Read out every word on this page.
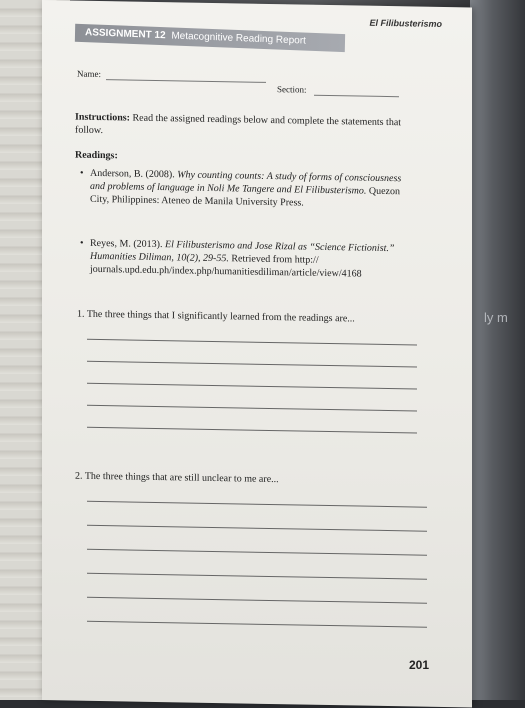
ly m
El Filibusterismo
ASSIGNMENT 12 Metacognitive Reading Report
Name:
Section:
Instructions: Read the assigned readings below and complete the statements that follow.
Readings:
• Anderson, B. (2008). Why counting counts: A study of forms of consciousness and problems of language in Noli Me Tangere and El Filibusterismo. Quezon City, Philippines: Ateneo de Manila University Press.
• Reyes, M. (2013). El Filibusterismo and Jose Rizal as “Science Fictionist.” Humanities Diliman, 10(2), 29-55. Retrieved from http:// journals.upd.edu.ph/index.php/humanitiesdiliman/article/view/4168
1. The three things that I significantly learned from the readings are...
2. The three things that are still unclear to me are...
201
